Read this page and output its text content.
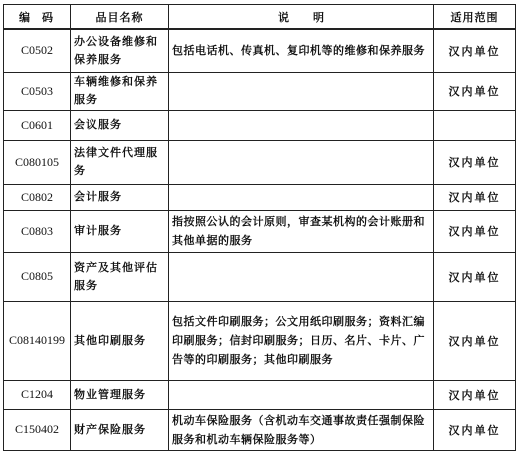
编码	品目名称	说明	适用范围
C0502	办公设备维修和保养服务	包括电话机、传真机、复印机等的维修和保养服务	汉内单位
C0503	车辆维修和保养服务		汉内单位
C0601	会议服务		
C080105	法律文件代理服务		汉内单位
C0802	会计服务		汉内单位
C0803	审计服务	指按照公认的会计原则，审查某机构的会计账册和其他单据的服务	汉内单位
C0805	资产及其他评估服务		汉内单位
C08140199	其他印刷服务	包括文件印刷服务；公文用纸印刷服务；资料汇编印刷服务；信封印刷服务；日历、名片、卡片、广告等的印刷服务；其他印刷服务	汉内单位
C1204	物业管理服务		汉内单位
C150402	财产保险服务	机动车保险服务（含机动车交通事故责任强制保险服务和机动车辆保险服务等）	汉内单位
